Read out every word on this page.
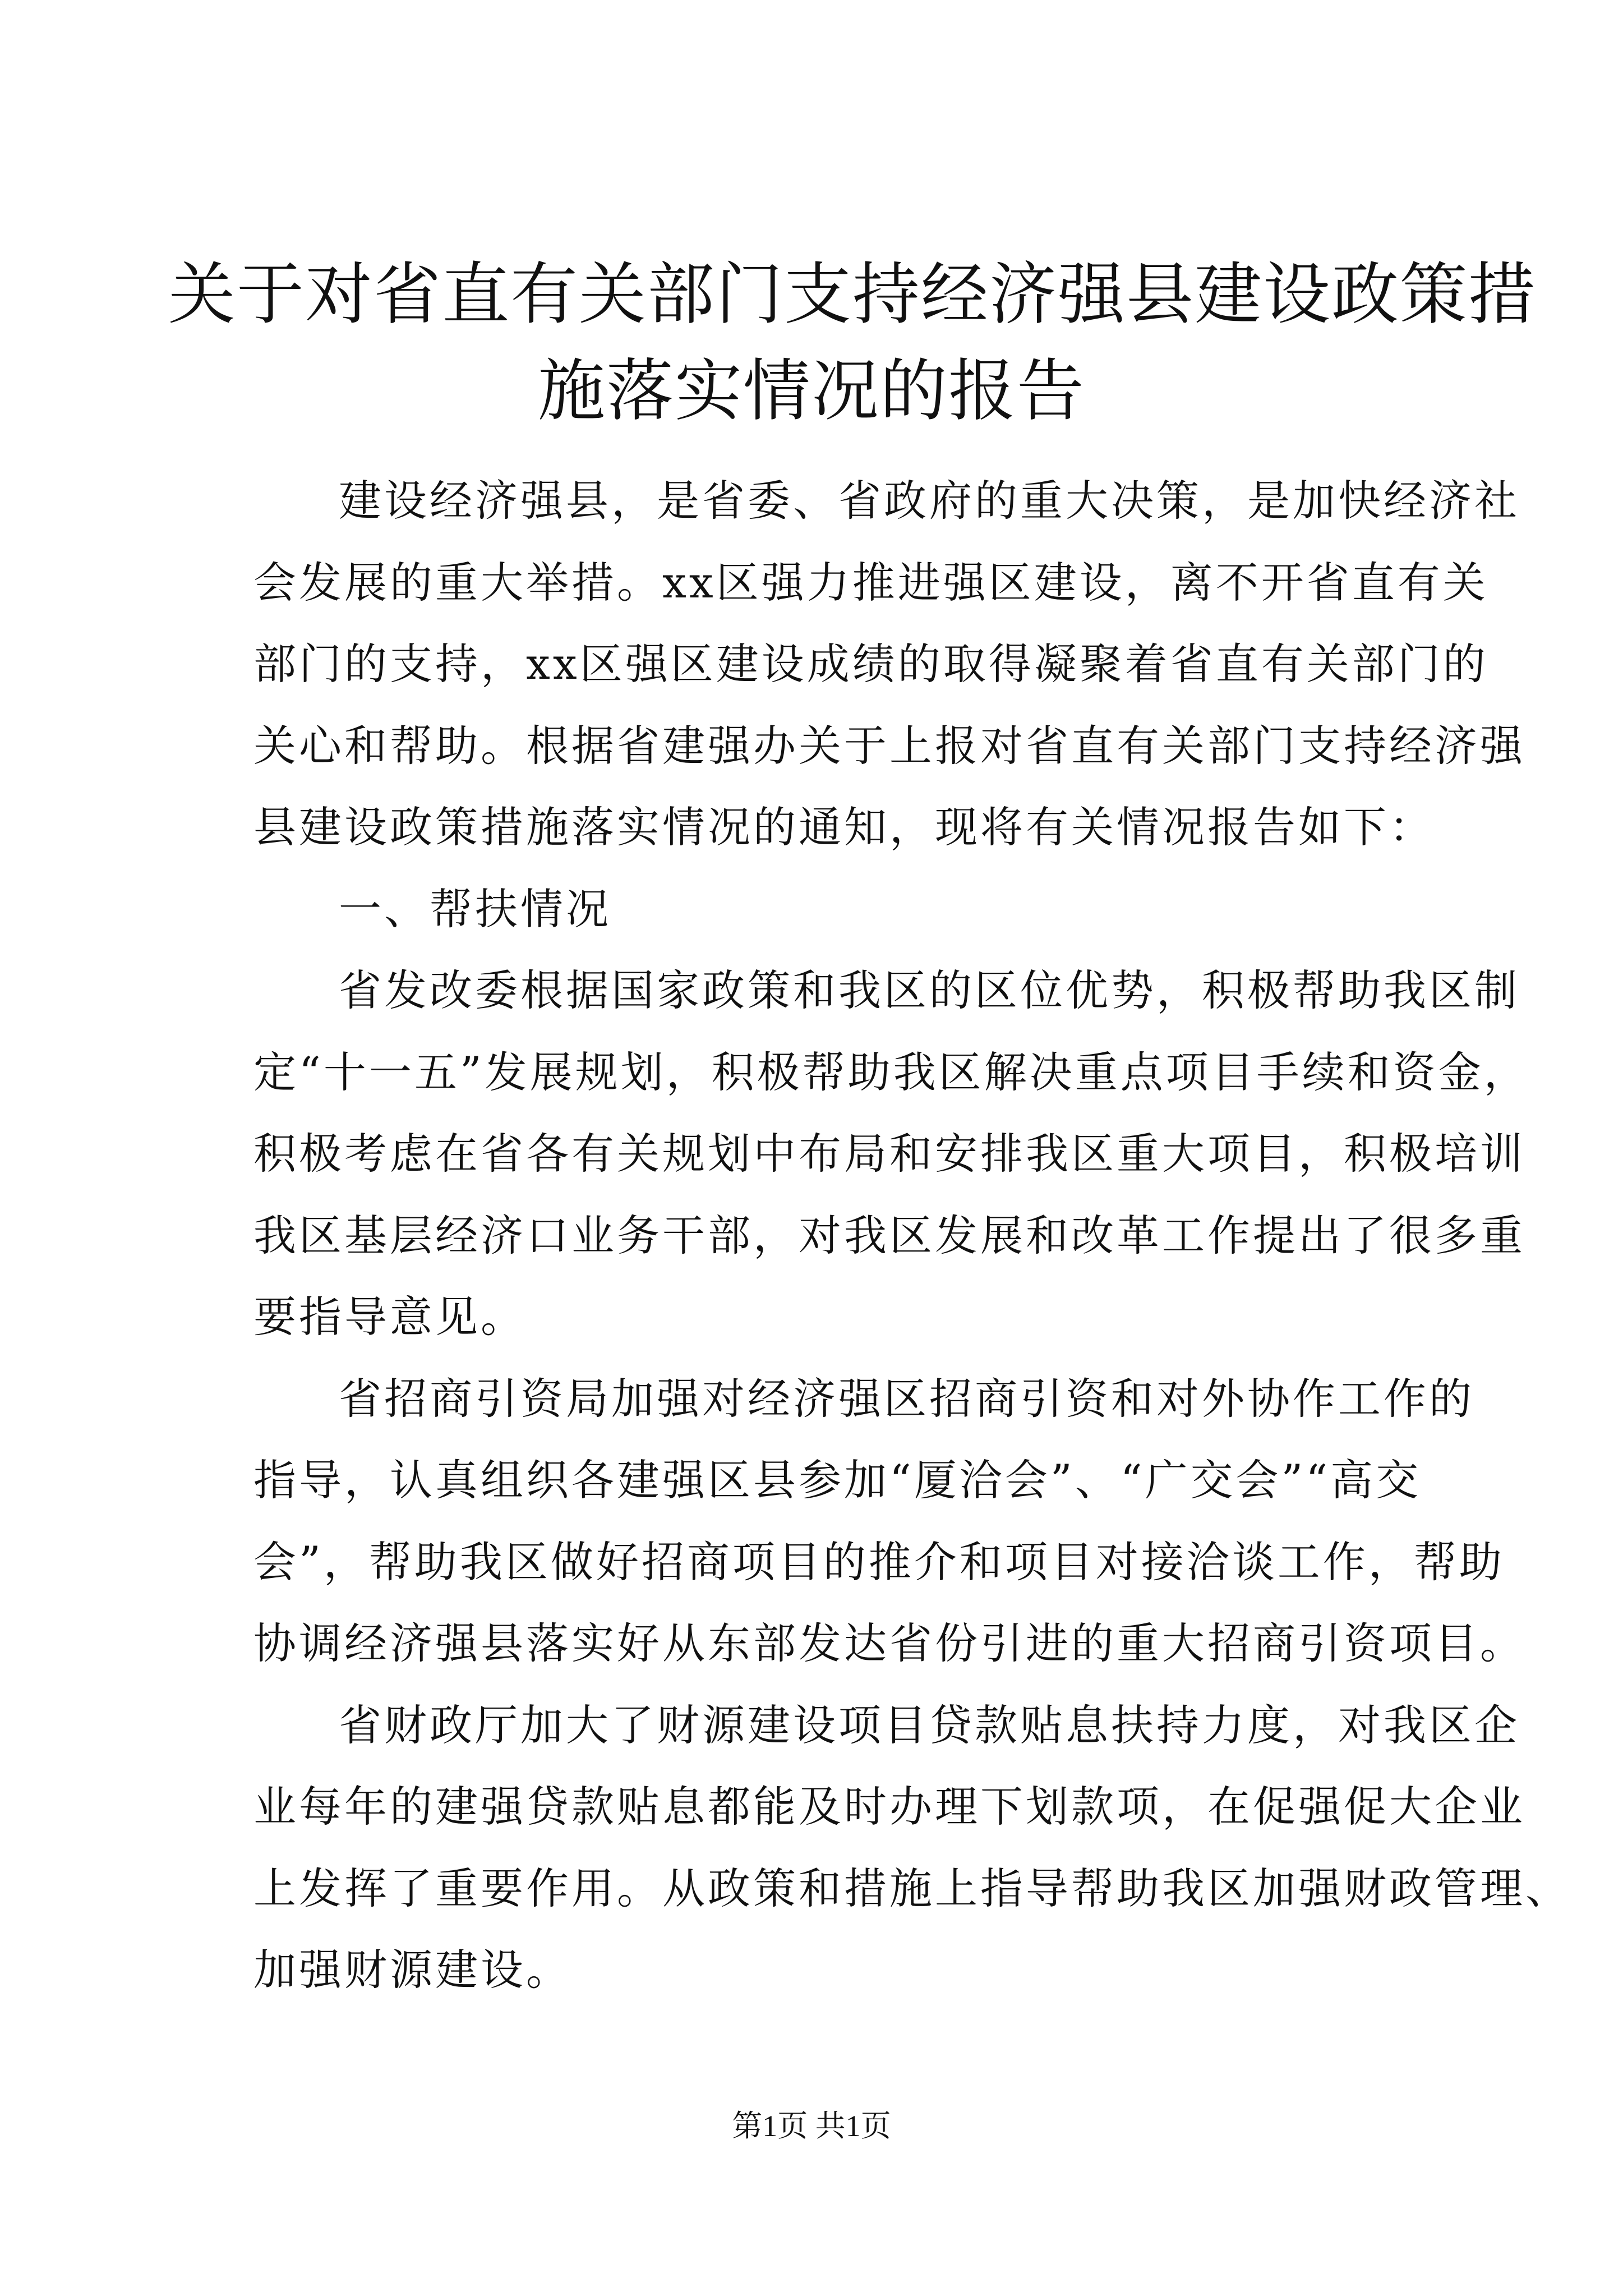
关于对省直有关部门支持经济强县建设政策措
施落实情况的报告
建设经济强县，是省委、省政府的重大决策，是加快经济社
会发展的重大举措。xx区强力推进强区建设，离不开省直有关
部门的支持，xx区强区建设成绩的取得凝聚着省直有关部门的
关心和帮助。根据省建强办关于上报对省直有关部门支持经济强
县建设政策措施落实情况的通知，现将有关情况报告如下：
一、帮扶情况
省发改委根据国家政策和我区的区位优势，积极帮助我区制
定“十一五”发展规划，积极帮助我区解决重点项目手续和资金，
积极考虑在省各有关规划中布局和安排我区重大项目，积极培训
我区基层经济口业务干部，对我区发展和改革工作提出了很多重
要指导意见。
省招商引资局加强对经济强区招商引资和对外协作工作的
指导，认真组织各建强区县参加“厦洽会”、“广交会”“高交
会”，帮助我区做好招商项目的推介和项目对接洽谈工作，帮助
协调经济强县落实好从东部发达省份引进的重大招商引资项目。
省财政厅加大了财源建设项目贷款贴息扶持力度，对我区企
业每年的建强贷款贴息都能及时办理下划款项，在促强促大企业
上发挥了重要作用。从政策和措施上指导帮助我区加强财政管理、
加强财源建设。
第1页 共1页
